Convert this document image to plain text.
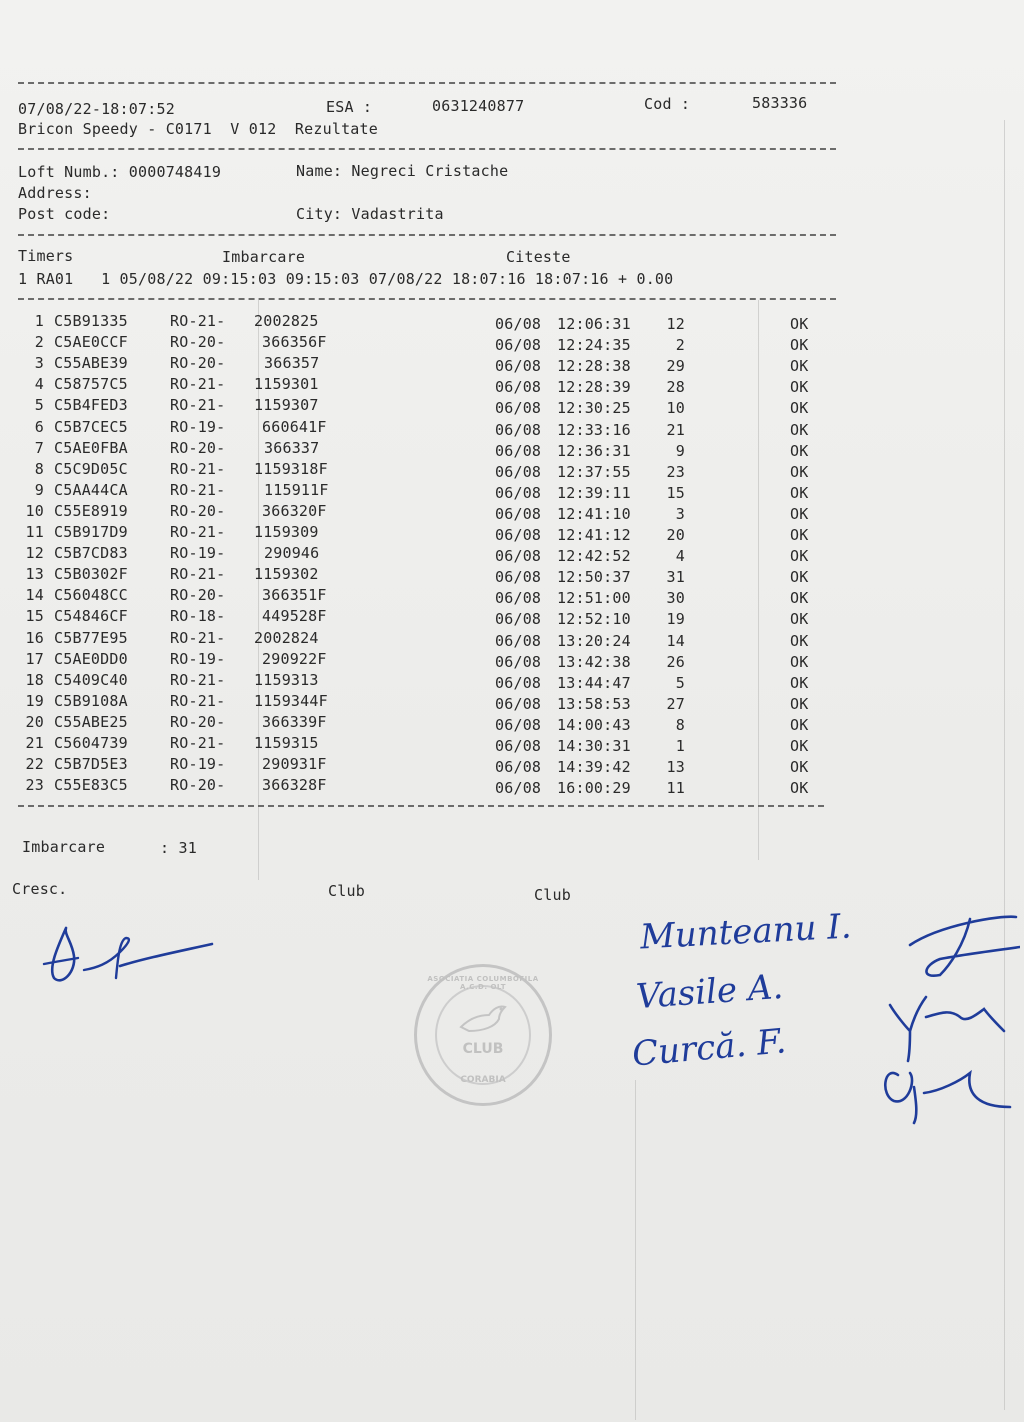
07/08/22-18:07:52	ESA :	0631240877	Cod :	583336
Bricon Speedy - C0171  V 012  Rezultate
Loft Numb.: 0000748419	Name: Negreci Cristache
Address:
Post code:	City: Vadastrita
Timers	Imbarcare	Citeste
1 RA01   1 05/08/22 09:15:03 09:15:03 07/08/22 18:07:16 18:07:16 + 0.00
1 C5B91335	RO-21- 2002825	06/08 12:06:31	12	OK
2 C5AE0CCF	RO-20- 366356F	06/08 12:24:35	2	OK
3 C55ABE39	RO-20-	366357	06/08 12:28:38	29	OK
4 C58757C5	RO-21- 1159301	06/08 12:28:39	28	OK
5 C5B4FED3	RO-21- 1159307	06/08 12:30:25	10	OK
6 C5B7CEC5	RO-19- 660641F	06/08 12:33:16	21	OK
7 C5AE0FBA	RO-20-	366337	06/08 12:36:31	9	OK
8 C5C9D05C	RO-21- 1159318F	06/08 12:37:55	23	OK
9 C5AA44CA	RO-21-	115911F	06/08 12:39:11	15	OK
10 C55E8919	RO-20- 366320F	06/08 12:41:10	3	OK
11 C5B917D9	RO-21- 1159309	06/08 12:41:12	20	OK
12 C5B7CD83	RO-19-	290946	06/08 12:42:52	4	OK
13 C5B0302F	RO-21- 1159302	06/08 12:50:37	31	OK
14 C56048CC	RO-20- 366351F	06/08 12:51:00	30	OK
15 C54846CF	RO-18- 449528F	06/08 12:52:10	19	OK
16 C5B77E95	RO-21- 2002824	06/08 13:20:24	14	OK
17 C5AE0DD0	RO-19- 290922F	06/08 13:42:38	26	OK
18 C5409C40	RO-21- 1159313	06/08 13:44:47	5	OK
19 C5B9108A	RO-21- 1159344F	06/08 13:58:53	27	OK
20 C55ABE25	RO-20- 366339F	06/08 14:00:43	8	OK
21 C5604739	RO-21- 1159315	06/08 14:30:31	1	OK
22 C5B7D5E3	RO-19- 290931F	06/08 14:39:42	13	OK
23 C55E83C5	RO-20- 366328F	06/08 16:00:29	11	OK
Imbarcare	: 31
Cresc.	Club	Club
ASOCIATIA COLUMBOFILA A.C.D. OLT
CLUB
CORABIA
Munteanu I.
Vasile A.
Curcă. F.
